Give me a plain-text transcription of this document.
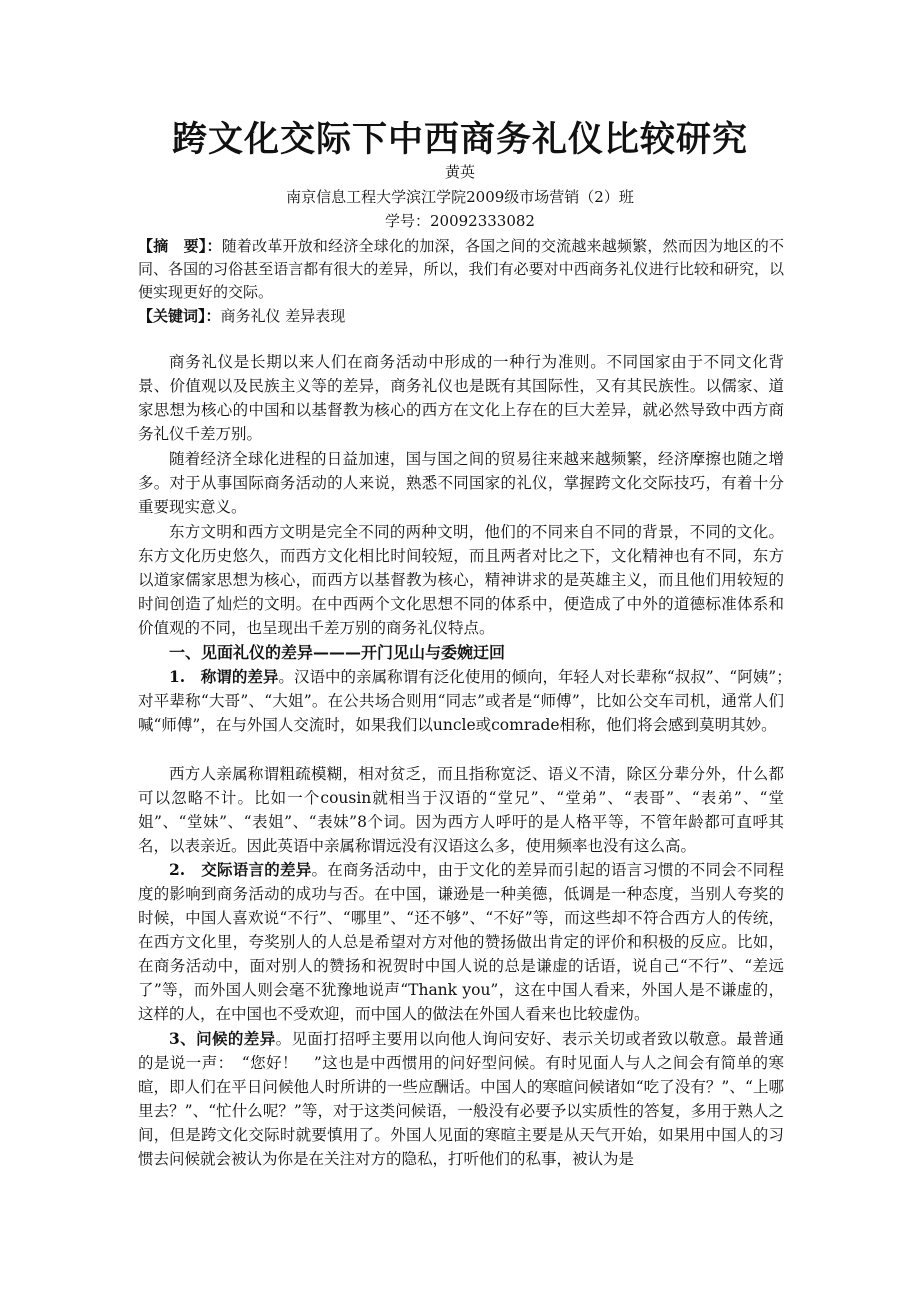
跨文化交际下中西商务礼仪比较研究
黄英
南京信息工程大学滨江学院2009级市场营销（2）班
学号：20092333082
【摘　要】：随着改革开放和经济全球化的加深，各国之间的交流越来越频繁，然而因为地区的不同、各国的习俗甚至语言都有很大的差异，所以，我们有必要对中西商务礼仪进行比较和研究，以便实现更好的交际。
【关键词】：商务礼仪 差异表现
商务礼仪是长期以来人们在商务活动中形成的一种行为准则。不同国家由于不同文化背景、价值观以及民族主义等的差异，商务礼仪也是既有其国际性，又有其民族性。以儒家、道家思想为核心的中国和以基督教为核心的西方在文化上存在的巨大差异，就必然导致中西方商务礼仪千差万别。
随着经济全球化进程的日益加速，国与国之间的贸易往来越来越频繁，经济摩擦也随之增多。对于从事国际商务活动的人来说，熟悉不同国家的礼仪，掌握跨文化交际技巧，有着十分重要现实意义。
东方文明和西方文明是完全不同的两种文明，他们的不同来自不同的背景，不同的文化。东方文化历史悠久，而西方文化相比时间较短，而且两者对比之下，文化精神也有不同，东方以道家儒家思想为核心，而西方以基督教为核心，精神讲求的是英雄主义，而且他们用较短的时间创造了灿烂的文明。在中西两个文化思想不同的体系中，便造成了中外的道德标准体系和价值观的不同，也呈现出千差万别的商务礼仪特点。
一、见面礼仪的差异———开门见山与委婉迂回
1.　称谓的差异。汉语中的亲属称谓有泛化使用的倾向，年轻人对长辈称“叔叔”、“阿姨”；　对平辈称“大哥”、“大姐”。在公共场合则用“同志”或者是“师傅”，比如公交车司机，通常人们喊“师傅”，在与外国人交流时，如果我们以uncle或comrade相称，他们将会感到莫明其妙。
西方人亲属称谓粗疏模糊，相对贫乏，而且指称宽泛、语义不清，除区分辈分外，什么都可以忽略不计。比如一个cousin就相当于汉语的“堂兄”、“堂弟”、“表哥”、“表弟”、“堂姐”、“堂妹”、“表姐”、“表妹”8个词。因为西方人呼吁的是人格平等，不管年龄都可直呼其名，以表亲近。因此英语中亲属称谓远没有汉语这么多，使用频率也没有这么高。
2.　交际语言的差异。在商务活动中，由于文化的差异而引起的语言习惯的不同会不同程度的影响到商务活动的成功与否。在中国，谦逊是一种美德，低调是一种态度，当别人夸奖的时候，中国人喜欢说“不行”、“哪里”、“还不够”、“不好”等，而这些却不符合西方人的传统，在西方文化里，夸奖别人的人总是希望对方对他的赞扬做出肯定的评价和积极的反应。比如，在商务活动中，面对别人的赞扬和祝贺时中国人说的总是谦虚的话语，说自己“不行”、“差远了”等，而外国人则会毫不犹豫地说声“Thank you”，这在中国人看来，外国人是不谦虚的，这样的人，在中国也不受欢迎，而中国人的做法在外国人看来也比较虚伪。
3、问候的差异。见面打招呼主要用以向他人询问安好、表示关切或者致以敬意。最普通的是说一声：　“您好！　”这也是中西惯用的问好型问候。有时见面人与人之间会有简单的寒暄，即人们在平日问候他人时所讲的一些应酬话。中国人的寒暄问候诸如“吃了没有？”、“上哪里去？”、“忙什么呢？”等，对于这类问候语，一般没有必要予以实质性的答复，多用于熟人之间，但是跨文化交际时就要慎用了。外国人见面的寒暄主要是从天气开始，如果用中国人的习惯去问候就会被认为你是在关注对方的隐私，打听他们的私事，被认为是
